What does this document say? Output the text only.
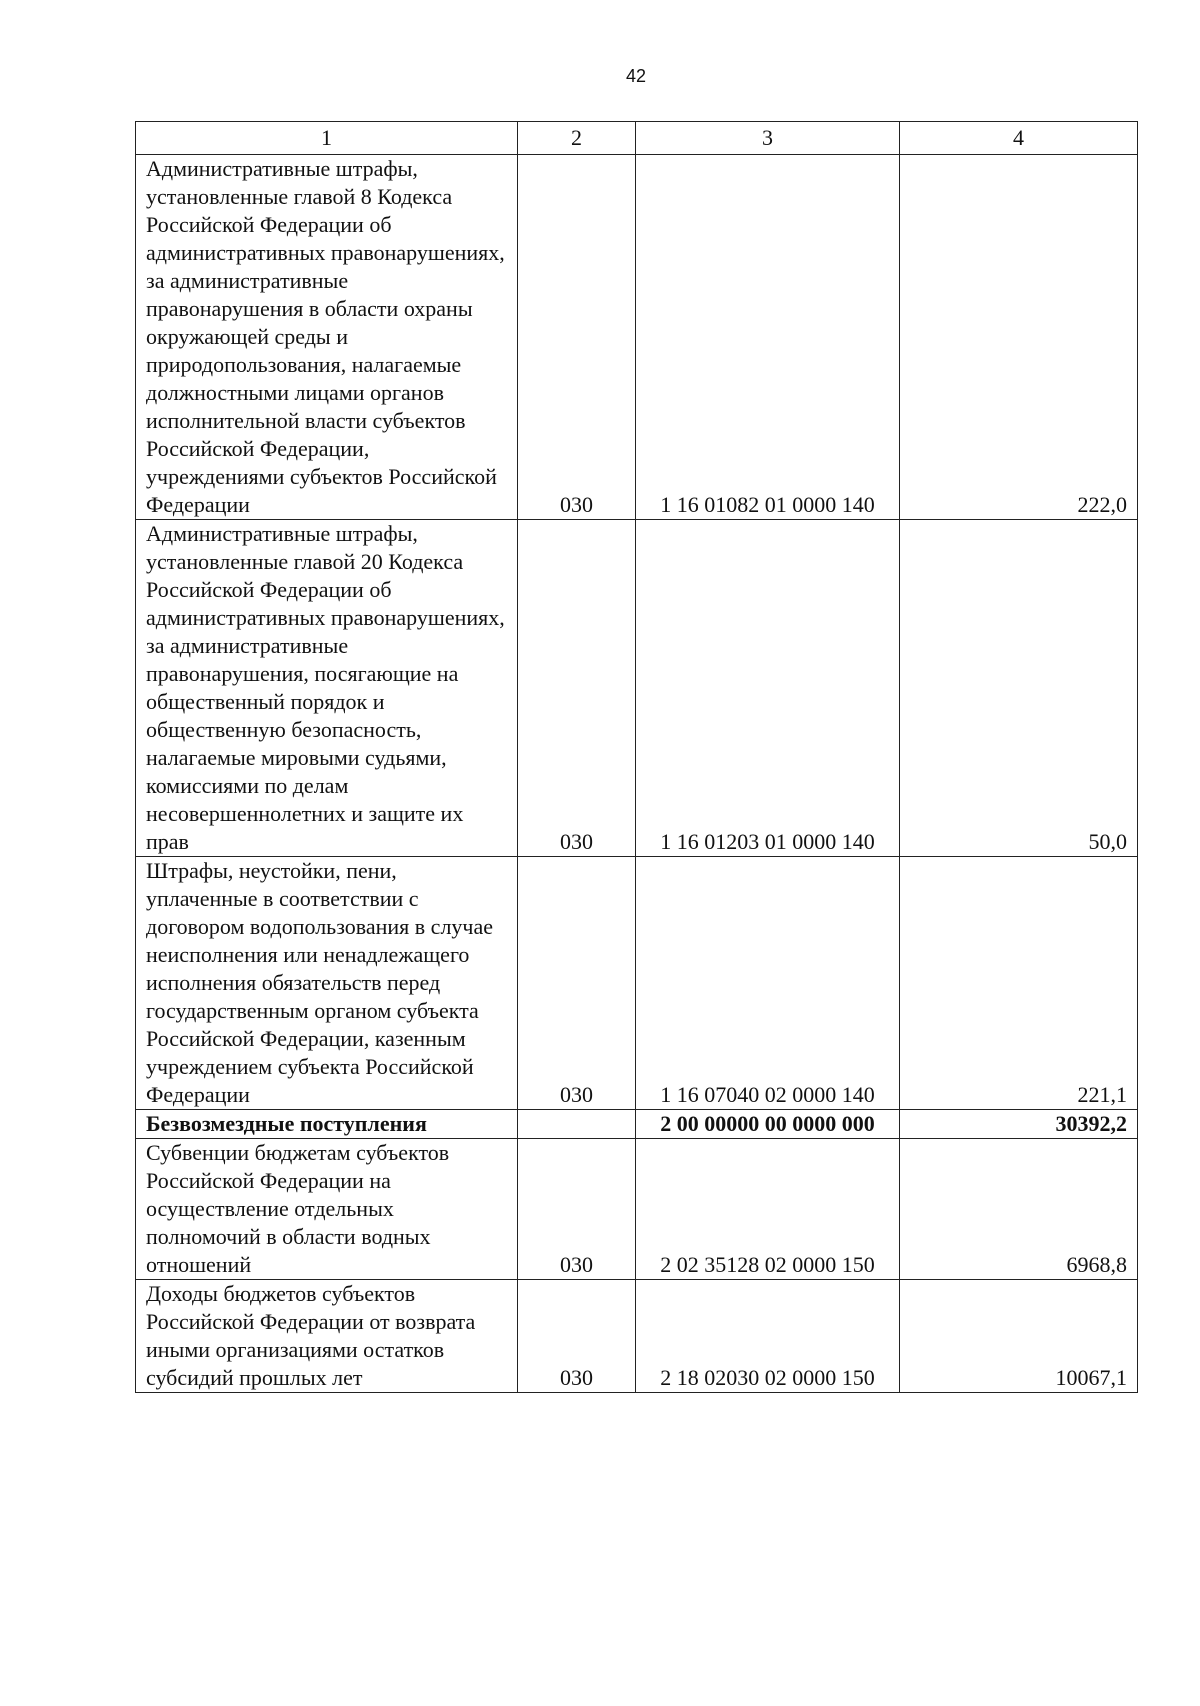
42
1	2	3	4
Административные штрафы, установленные главой 8 Кодекса Российской Федерации об административных правонарушениях, за административные правонарушения в области охраны окружающей среды и природопользования, налагаемые должностными лицами органов исполнительной власти субъектов Российской Федерации, учреждениями субъектов Российской Федерации	030	1 16 01082 01 0000 140	222,0
Административные штрафы, установленные главой 20 Кодекса Российской Федерации об административных правонарушениях, за административные правонарушения, посягающие на общественный порядок и общественную безопасность, налагаемые мировыми судьями, комиссиями по делам несовершеннолетних и защите их прав	030	1 16 01203 01 0000 140	50,0
Штрафы, неустойки, пени, уплаченные в соответствии с договором водопользования в случае неисполнения или ненадлежащего исполнения обязательств перед государственным органом субъекта Российской Федерации, казенным учреждением субъекта Российской Федерации	030	1 16 07040 02 0000 140	221,1
Безвозмездные поступления		2 00 00000 00 0000 000	30392,2
Субвенции бюджетам субъектов Российской Федерации на осуществление отдельных полномочий в области водных отношений	030	2 02 35128 02 0000 150	6968,8
Доходы бюджетов субъектов Российской Федерации от возврата иными организациями остатков субсидий прошлых лет	030	2 18 02030 02 0000 150	10067,1
